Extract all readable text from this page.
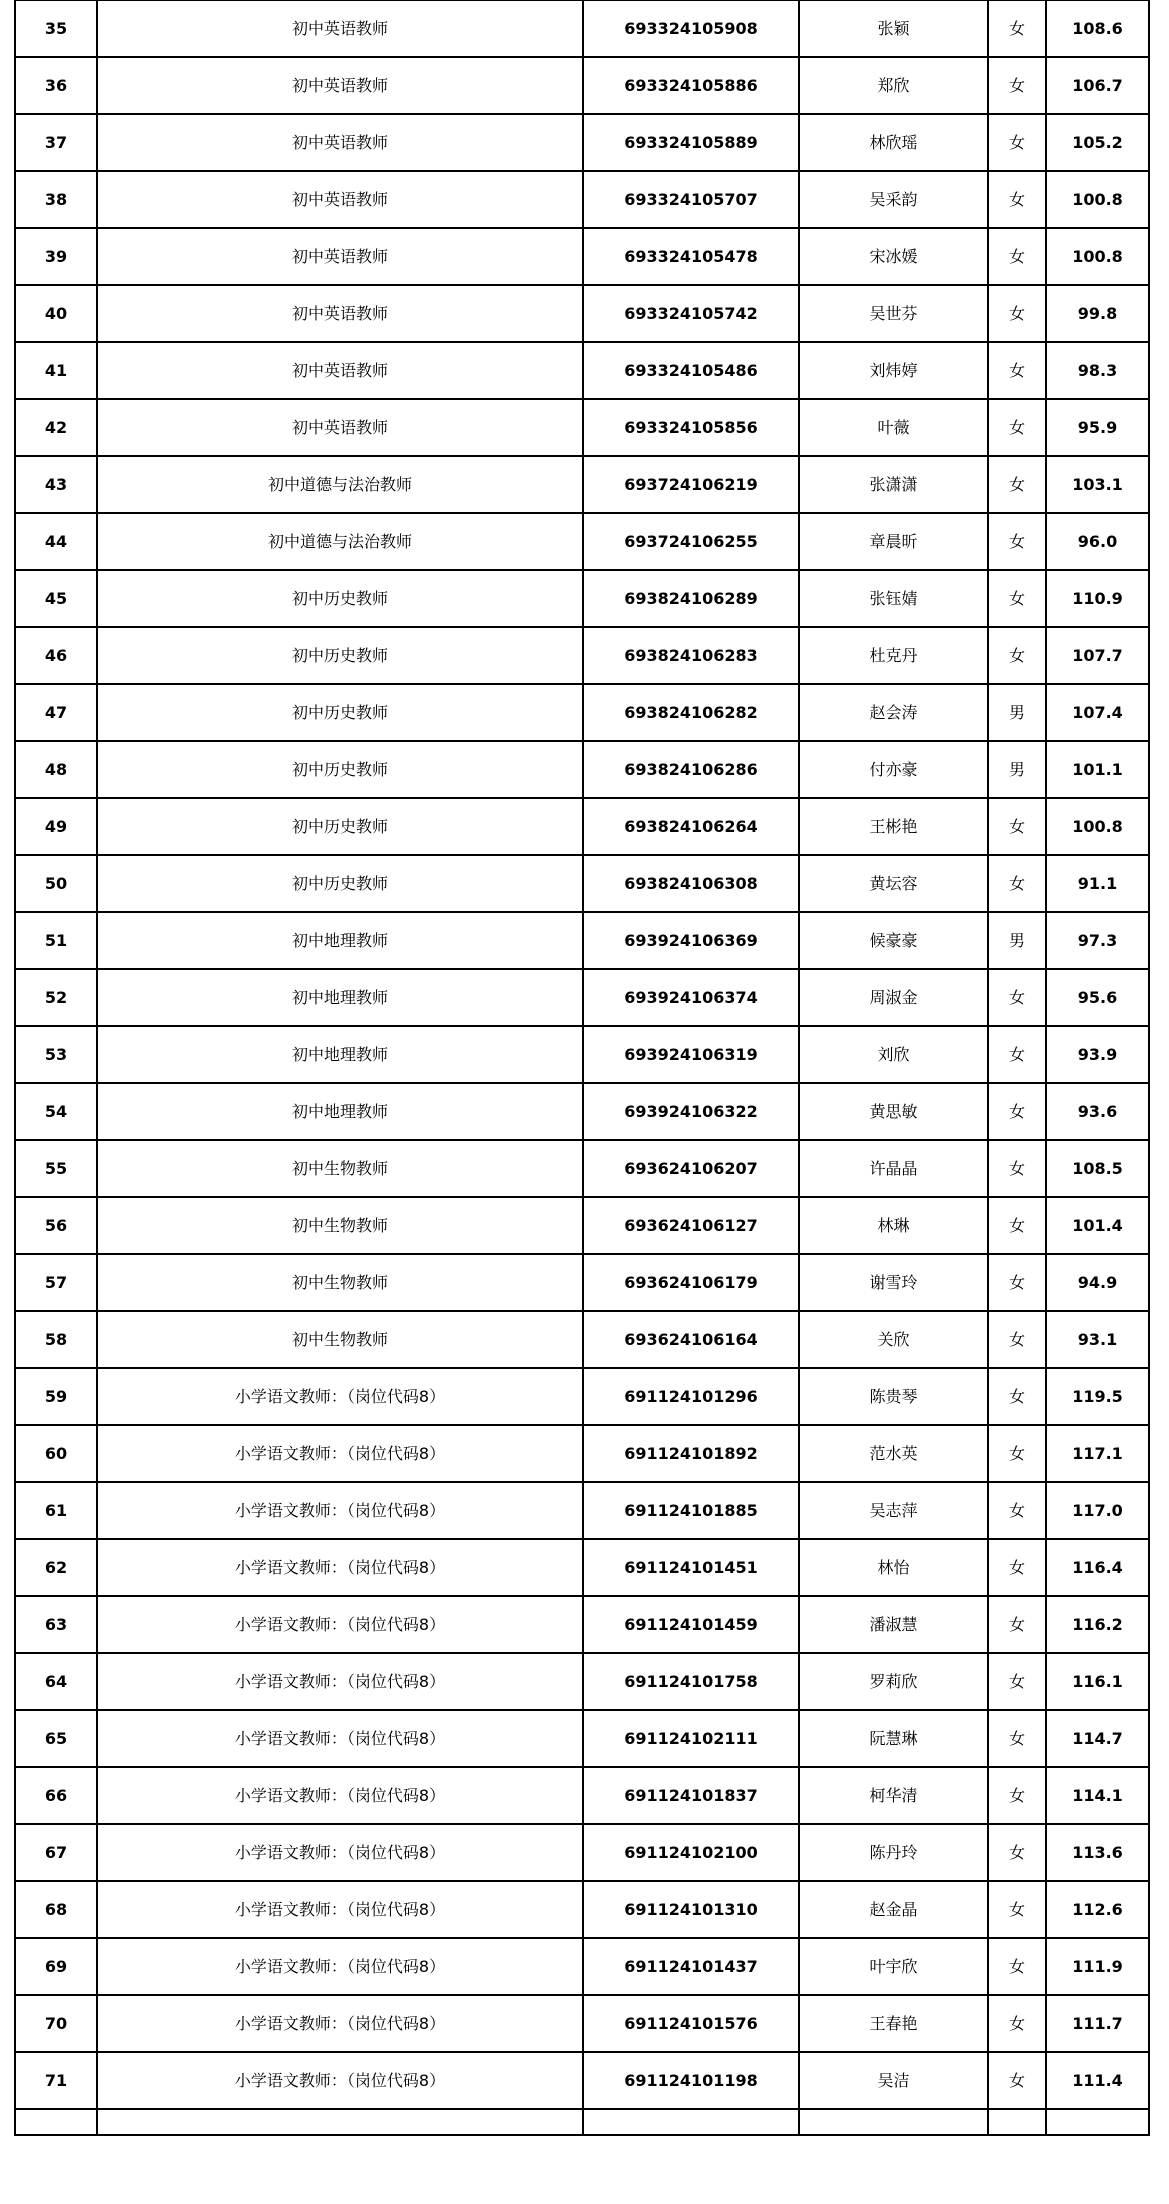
35	初中英语教师	693324105908	张颖	女	108.6
36	初中英语教师	693324105886	郑欣	女	106.7
37	初中英语教师	693324105889	林欣瑶	女	105.2
38	初中英语教师	693324105707	吴采韵	女	100.8
39	初中英语教师	693324105478	宋冰媛	女	100.8
40	初中英语教师	693324105742	吴世芬	女	99.8
41	初中英语教师	693324105486	刘炜婷	女	98.3
42	初中英语教师	693324105856	叶薇	女	95.9
43	初中道德与法治教师	693724106219	张潇潇	女	103.1
44	初中道德与法治教师	693724106255	章晨昕	女	96.0
45	初中历史教师	693824106289	张钰婧	女	110.9
46	初中历史教师	693824106283	杜克丹	女	107.7
47	初中历史教师	693824106282	赵会涛	男	107.4
48	初中历史教师	693824106286	付亦豪	男	101.1
49	初中历史教师	693824106264	王彬艳	女	100.8
50	初中历史教师	693824106308	黄坛容	女	91.1
51	初中地理教师	693924106369	候豪豪	男	97.3
52	初中地理教师	693924106374	周淑金	女	95.6
53	初中地理教师	693924106319	刘欣	女	93.9
54	初中地理教师	693924106322	黄思敏	女	93.6
55	初中生物教师	693624106207	许晶晶	女	108.5
56	初中生物教师	693624106127	林琳	女	101.4
57	初中生物教师	693624106179	谢雪玲	女	94.9
58	初中生物教师	693624106164	关欣	女	93.1
59	小学语文教师：（岗位代码8）	691124101296	陈贵琴	女	119.5
60	小学语文教师：（岗位代码8）	691124101892	范水英	女	117.1
61	小学语文教师：（岗位代码8）	691124101885	吴志萍	女	117.0
62	小学语文教师：（岗位代码8）	691124101451	林怡	女	116.4
63	小学语文教师：（岗位代码8）	691124101459	潘淑慧	女	116.2
64	小学语文教师：（岗位代码8）	691124101758	罗莉欣	女	116.1
65	小学语文教师：（岗位代码8）	691124102111	阮慧琳	女	114.7
66	小学语文教师：（岗位代码8）	691124101837	柯华清	女	114.1
67	小学语文教师：（岗位代码8）	691124102100	陈丹玲	女	113.6
68	小学语文教师：（岗位代码8）	691124101310	赵金晶	女	112.6
69	小学语文教师：（岗位代码8）	691124101437	叶宇欣	女	111.9
70	小学语文教师：（岗位代码8）	691124101576	王春艳	女	111.7
71	小学语文教师：（岗位代码8）	691124101198	吴洁	女	111.4
